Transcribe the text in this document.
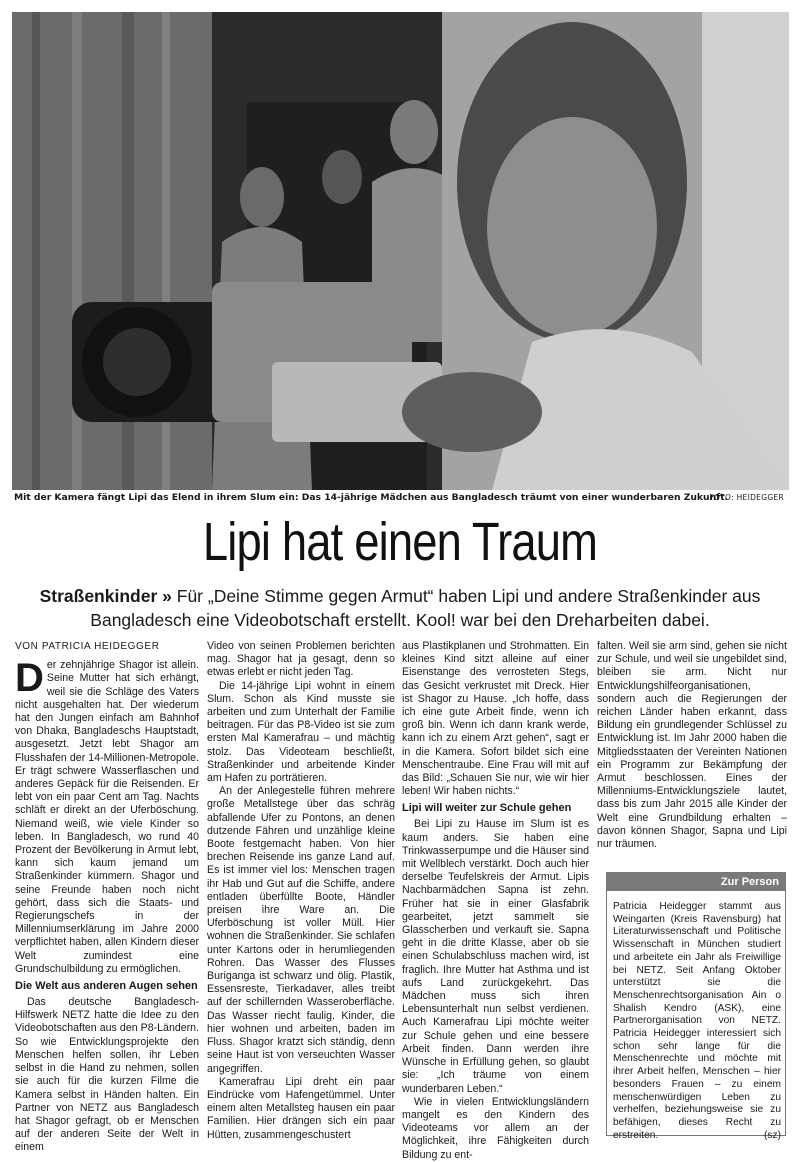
Mit der Kamera fängt Lipi das Elend in ihrem Slum ein: Das 14-jährige Mädchen aus Bangladesch träumt von einer wunderbaren Zukunft.
FOTO: HEIDEGGER
Lipi hat einen Traum
Straßenkinder » Für „Deine Stimme gegen Armut“ haben Lipi und andere Straßenkinder aus Bangladesch eine Videobotschaft erstellt. Kool! war bei den Dreharbeiten dabei.
VON PATRICIA HEIDEGGER

Der zehnjährige Shagor ist allein. Seine Mutter hat sich erhängt, weil sie die Schläge des Vaters nicht ausgehalten hat. Der wiederum hat den Jungen einfach am Bahnhof von Dhaka, Bangladeschs Hauptstadt, ausgesetzt. Jetzt lebt Shagor am Flusshafen der 14-Millionen-Metropole. Er trägt schwere Wasserflaschen und anderes Gepäck für die Reisenden. Er lebt von ein paar Cent am Tag. Nachts schläft er direkt an der Uferböschung. Niemand weiß, wie viele Kinder so leben. In Bangladesch, wo rund 40 Prozent der Bevölkerung in Armut lebt, kann sich kaum jemand um Straßenkinder kümmern. Shagor und seine Freunde haben noch nicht gehört, dass sich die Staats- und Regierungschefs in der Millenniumserklärung im Jahre 2000 verpflichtet haben, allen Kindern dieser Welt zumindest eine Grundschulbildung zu ermöglichen.

Die Welt aus anderen Augen sehen

Das deutsche Bangladesch-Hilfswerk NETZ hatte die Idee zu den Videobotschaften aus den P8-Ländern. So wie Entwicklungsprojekte den Menschen helfen sollen, ihr Leben selbst in die Hand zu nehmen, sollen sie auch für die kurzen Filme die Kamera selbst in Händen halten. Ein Partner von NETZ aus Bangladesch hat Shagor gefragt, ob er Menschen auf der anderen Seite der Welt in einem

Video von seinen Problemen berichten mag. Shagor hat ja gesagt, denn so etwas erlebt er nicht jeden Tag.

Die 14-jährige Lipi wohnt in einem Slum. Schon als Kind musste sie arbeiten und zum Unterhalt der Familie beitragen. Für das P8-Video ist sie zum ersten Mal Kamerafrau – und mächtig stolz. Das Videoteam beschließt, Straßenkinder und arbeitende Kinder am Hafen zu porträtieren.

An der Anlegestelle führen mehrere große Metallstege über das schräg abfallende Ufer zu Pontons, an denen dutzende Fähren und unzählige kleine Boote festgemacht haben. Von hier brechen Reisende ins ganze Land auf. Es ist immer viel los: Menschen tragen ihr Hab und Gut auf die Schiffe, andere entladen überfüllte Boote, Händler preisen ihre Ware an. Die Uferböschung ist voller Müll. Hier wohnen die Straßenkinder. Sie schlafen unter Kartons oder in herumliegenden Rohren. Das Wasser des Flusses Buriganga ist schwarz und ölig. Plastik, Essensreste, Tierkadaver, alles treibt auf der schillernden Wasseroberfläche. Das Wasser riecht faulig. Kinder, die hier wohnen und arbeiten, baden im Fluss. Shagor kratzt sich ständig, denn seine Haut ist von verseuchten Wasser angegriffen.

Kamerafrau Lipi dreht ein paar Eindrücke vom Hafengetümmel. Unter einem alten Metallsteg hausen ein paar Familien. Hier drängen sich ein paar Hütten, zusammengeschustert

aus Plastikplanen und Strohmatten. Ein kleines Kind sitzt alleine auf einer Eisenstange des verrosteten Stegs, das Gesicht verkrustet mit Dreck. Hier ist Shagor zu Hause. „Ich hoffe, dass ich eine gute Arbeit finde, wenn ich groß bin. Wenn ich dann krank werde, kann ich zu einem Arzt gehen“, sagt er in die Kamera. Sofort bildet sich eine Menschentraube. Eine Frau will mit auf das Bild: „Schauen Sie nur, wie wir hier leben! Wir haben nichts.“

Lipi will weiter zur Schule gehen

Bei Lipi zu Hause im Slum ist es kaum anders. Sie haben eine Trinkwasserpumpe und die Häuser sind mit Wellblech verstärkt. Doch auch hier derselbe Teufelskreis der Armut. Lipis Nachbarmädchen Sapna ist zehn. Früher hat sie in einer Glasfabrik gearbeitet, jetzt sammelt sie Glasscherben und verkauft sie. Sapna geht in die dritte Klasse, aber ob sie einen Schulabschluss machen wird, ist fraglich. Ihre Mutter hat Asthma und ist aufs Land zurückgekehrt. Das Mädchen muss sich ihren Lebensunterhalt nun selbst verdienen. Auch Kamerafrau Lipi möchte weiter zur Schule gehen und eine bessere Arbeit finden. Dann werden ihre Wünsche in Erfüllung gehen, so glaubt sie: „Ich träume von einem wunderbaren Leben.“

Wie in vielen Entwicklungsländern mangelt es den Kindern des Videoteams vor allem an der Möglichkeit, ihre Fähigkeiten durch Bildung zu ent-

falten. Weil sie arm sind, gehen sie nicht zur Schule, und weil sie ungebildet sind, bleiben sie arm. Nicht nur Entwicklungshilfeorganisationen, sondern auch die Regierungen der reichen Länder haben erkannt, dass Bildung ein grundlegender Schlüssel zu Entwicklung ist. Im Jahr 2000 haben die Mitgliedsstaaten der Vereinten Nationen ein Programm zur Bekämpfung der Armut beschlossen. Eines der Millenniums-Entwicklungsziele lautet, dass bis zum Jahr 2015 alle Kinder der Welt eine Grundbildung erhalten – davon können Shagor, Sapna und Lipi nur träumen.

Zur Person
Patricia Heidegger stammt aus Weingarten (Kreis Ravensburg) hat Literaturwissenschaft und Politische Wissenschaft in München studiert und arbeitete ein Jahr als Freiwillige bei NETZ. Seit Anfang Oktober unterstützt sie die Menschenrechtsorganisation Ain o Shalish Kendro (ASK), eine Partnerorganisation von NETZ. Patricia Heidegger interessiert sich schon sehr lange für die Menschenrechte und möchte mit ihrer Arbeit helfen, Menschen – hier besonders Frauen – zu einem menschenwürdigen Leben zu verhelfen, beziehungsweise sie zu befähigen, dieses Recht zu erstreiten.	(sz)
